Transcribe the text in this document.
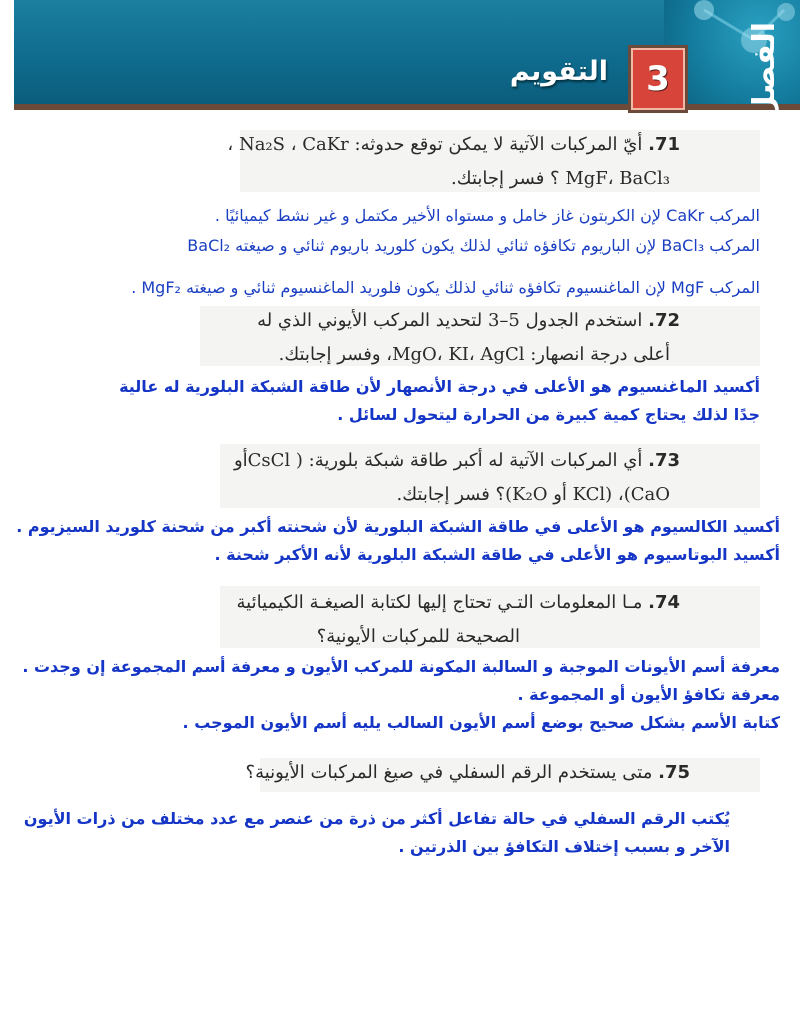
الفصل
3
التقويم
71. أيّ المركبات الآتية لا يمكن توقع حدوثه: Na₂S ، CaKr ،
MgF، BaCl₃ ؟ فسر إجابتك.
المركب CaKr لإن الكربتون غاز خامل و مستواه الأخير مكتمل و غير نشط كيميائيًا .
المركب BaCl₃ لإن الباريوم تكافؤه ثنائي لذلك يكون كلوريد باريوم ثنائي و صيغته BaCl₂
المركب MgF لإن الماغنسيوم تكافؤه ثنائي لذلك يكون فلوريد الماغنسيوم ثنائي و صيغته MgF₂ .
72. استخدم الجدول 5–3 لتحديد المركب الأيوني الذي له
أعلى درجة انصهار: MgO، KI، AgCl، وفسر إجابتك.
أكسيد الماغنسيوم هو الأعلى في درجة الأنصهار لأن طاقة الشبكة البلورية له عالية
جدًا لذلك يحتاج كمية كبيرة من الحرارة ليتحول لسائل .
73. أي المركبات الآتية له أكبر طاقة شبكة بلورية: ( CsClأو
CaO)، (KCl أو K₂O)؟ فسر إجابتك.
أكسيد الكالسيوم هو الأعلى في طاقة الشبكة البلورية لأن شحنته أكبر من شحنة كلوريد السيزيوم .
أكسيد البوتاسيوم هو الأعلى في طاقة الشبكة البلورية لأنه الأكبر شحنة .
74. مـا المعلومات التـي تحتاج إليها لكتابة الصيغـة الكيميائية
الصحيحة للمركبات الأيونية؟
معرفة أسم الأيونات الموجبة و السالبة المكونة للمركب الأيون و معرفة أسم المجموعة إن وجدت .
معرفة تكافؤ الأيون أو المجموعة .
كتابة الأسم بشكل صحيح بوضع أسم الأيون السالب يليه أسم الأيون الموجب .
75. متى يستخدم الرقم السفلي في صيغ المركبات الأيونية؟
يُكتب الرقم السفلي في حالة تفاعل أكثر من ذرة من عنصر مع عدد مختلف من ذرات الأيون
الآخر و بسبب إختلاف التكافؤ بين الذرتين .
